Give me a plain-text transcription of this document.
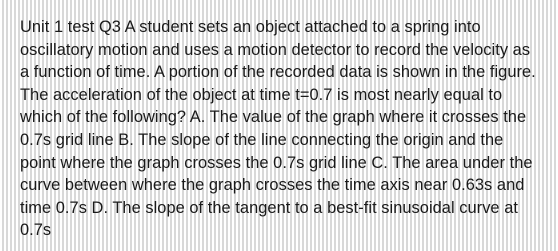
Unit 1 test Q3 A student sets an object attached to a spring into oscillatory motion and uses a motion detector to record the velocity as a function of time. A portion of the recorded data is shown in the figure. The acceleration of the object at time t=0.7 is most nearly equal to which of the following? A. The value of the graph where it crosses the 0.7s grid line B. The slope of the line connecting the origin and the point where the graph crosses the 0.7s grid line C. The area under the curve between where the graph crosses the time axis near 0.63s and time 0.7s D. The slope of the tangent to a best-fit sinusoidal curve at 0.7s
